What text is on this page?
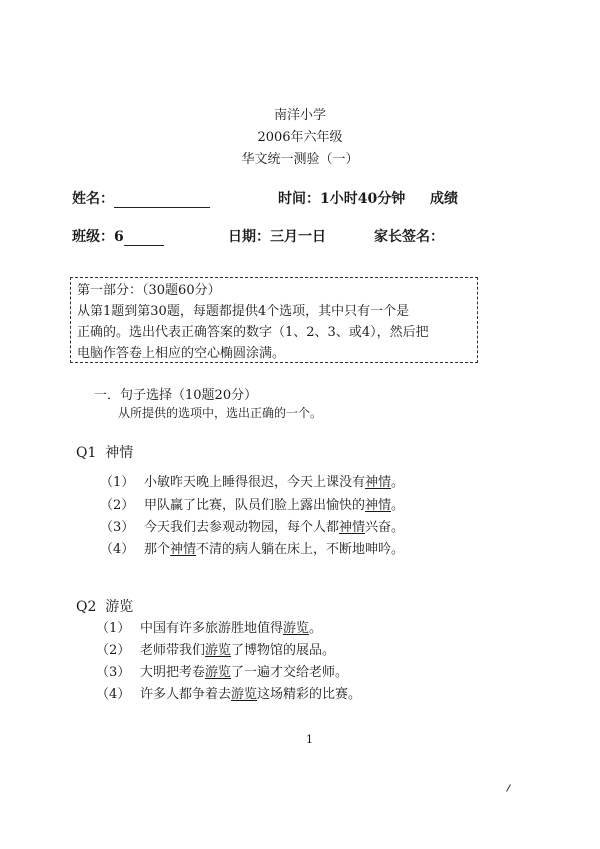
南洋小学
2006年六年级
华文统一测验（一）
姓名：	时间：1小时40分钟 成绩
班级：6	日期：三月一日	家长签名：
第一部分：（30题60分）
从第1题到第30题，每题都提供4个选项，其中只有一个是
正确的。选出代表正确答案的数字（1、2、3、或4），然后把
电脑作答卷上相应的空心椭圆涂满。
一．句子选择（10题20分）
从所提供的选项中，选出正确的一个。
Q1 神情
（1） 小敏昨天晚上睡得很迟，今天上课没有神情。
（2） 甲队赢了比赛，队员们脸上露出愉快的神情。
（3） 今天我们去参观动物园，每个人都神情兴奋。
（4） 那个神情不清的病人躺在床上，不断地呻吟。
Q2 游览
（1） 中国有许多旅游胜地值得游览。
（2） 老师带我们游览了博物馆的展品。
（3） 大明把考卷游览了一遍才交给老师。
（4） 许多人都争着去游览这场精彩的比赛。
1
